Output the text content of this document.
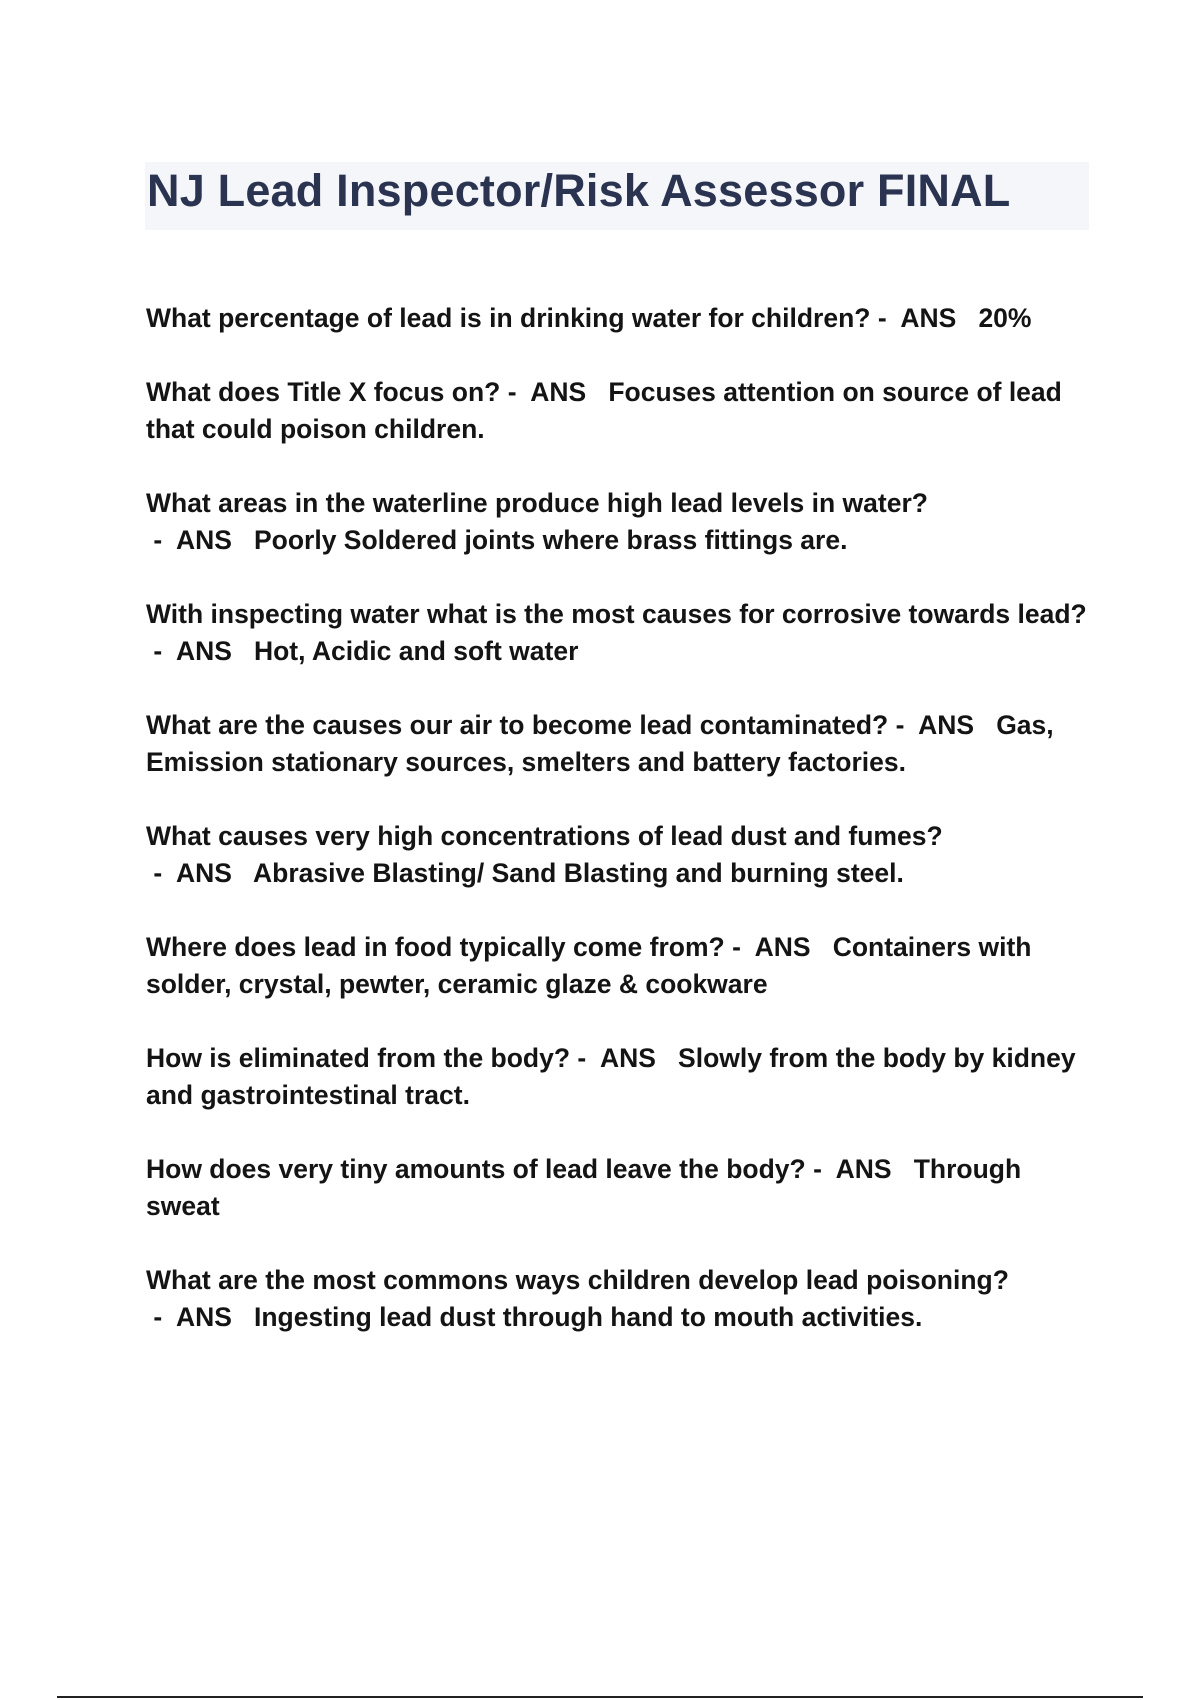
NJ Lead Inspector/Risk Assessor FINAL
What percentage of lead is in drinking water for children? -  ANS 20%
What does Title X focus on? -  ANS Focuses attention on source of lead that could poison children.
What areas in the waterline produce high lead levels in water? -  ANS Poorly Soldered joints where brass fittings are.
With inspecting water what is the most causes for corrosive towards lead? -  ANS Hot, Acidic and soft water
What are the causes our air to become lead contaminated? -  ANS Gas, Emission stationary sources, smelters and battery factories.
What causes very high concentrations of lead dust and fumes? -  ANS Abrasive Blasting/ Sand Blasting and burning steel.
Where does lead in food typically come from? -  ANS Containers with solder, crystal, pewter, ceramic glaze & cookware
How is eliminated from the body? -  ANS Slowly from the body by kidney and gastrointestinal tract.
How does very tiny amounts of lead leave the body? -  ANS Through sweat
What are the most commons ways children develop lead poisoning? -  ANS Ingesting lead dust through hand to mouth activities.
